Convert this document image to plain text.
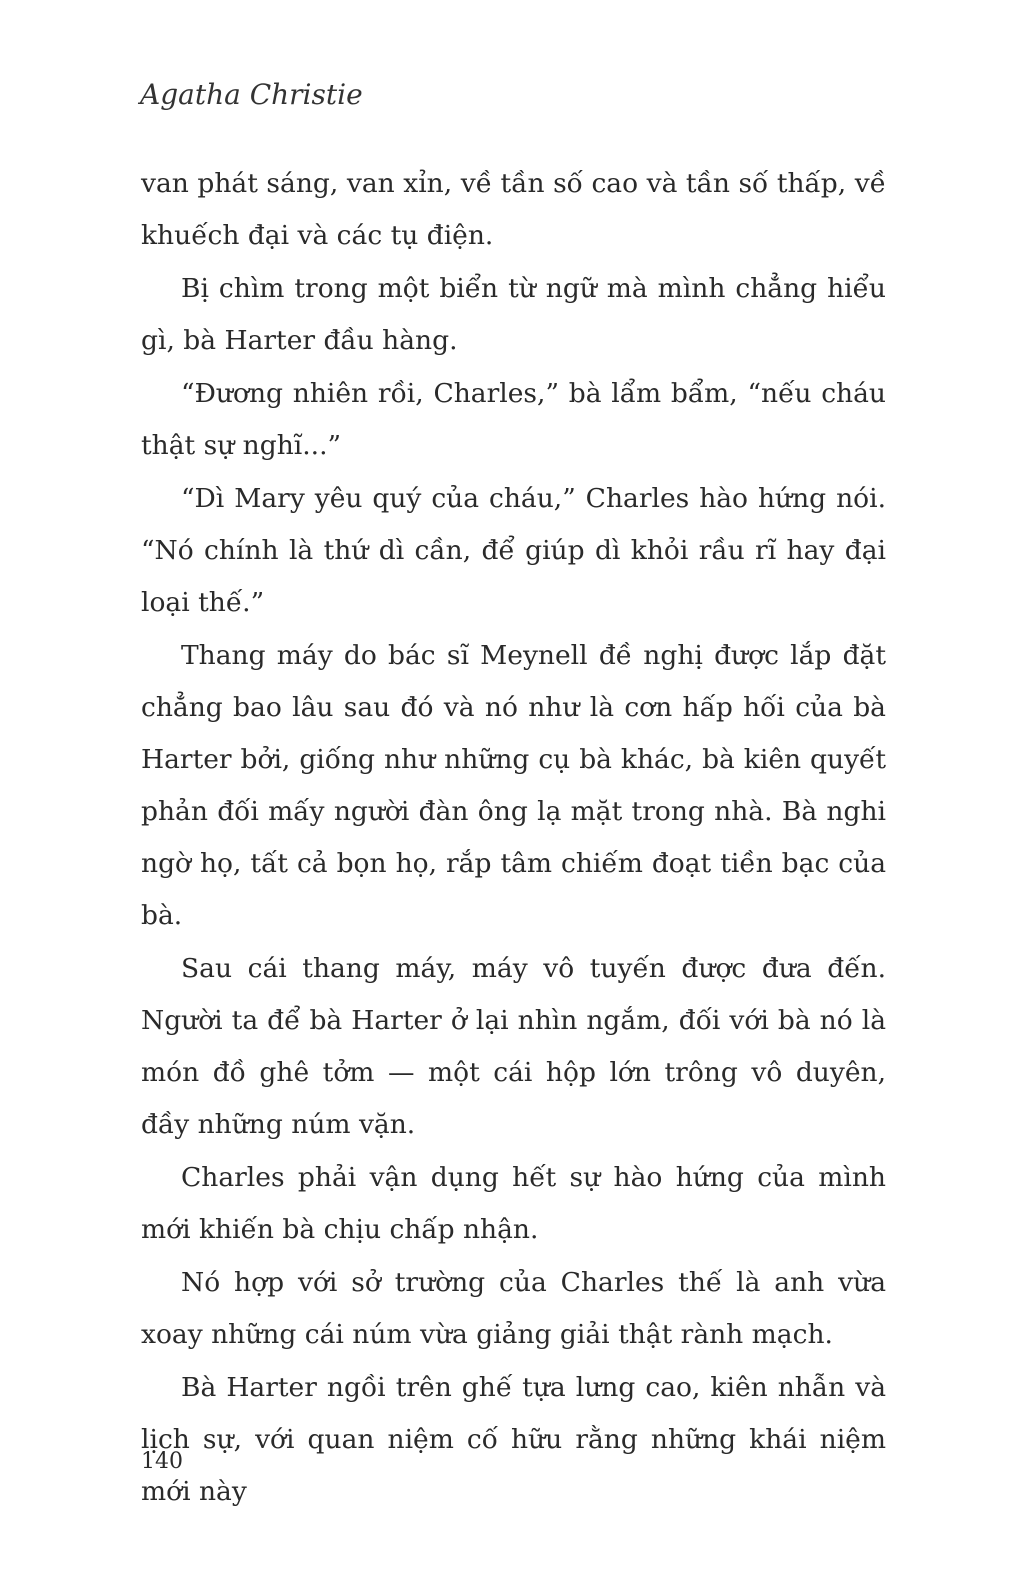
Agatha Christie

van phát sáng, van xỉn, về tần số cao và tần số thấp, về khuếch đại và các tụ điện.

Bị chìm trong một biển từ ngữ mà mình chẳng hiểu gì, bà Harter đầu hàng.

“Đương nhiên rồi, Charles,” bà lẩm bẩm, “nếu cháu thật sự nghĩ...”

“Dì Mary yêu quý của cháu,” Charles hào hứng nói. “Nó chính là thứ dì cần, để giúp dì khỏi rầu rĩ hay đại loại thế.”

Thang máy do bác sĩ Meynell đề nghị được lắp đặt chẳng bao lâu sau đó và nó như là cơn hấp hối của bà Harter bởi, giống như những cụ bà khác, bà kiên quyết phản đối mấy người đàn ông lạ mặt trong nhà. Bà nghi ngờ họ, tất cả bọn họ, rắp tâm chiếm đoạt tiền bạc của bà.

Sau cái thang máy, máy vô tuyến được đưa đến. Người ta để bà Harter ở lại nhìn ngắm, đối với bà nó là món đồ ghê tởm — một cái hộp lớn trông vô duyên, đầy những núm vặn.

Charles phải vận dụng hết sự hào hứng của mình mới khiến bà chịu chấp nhận.

Nó hợp với sở trường của Charles thế là anh vừa xoay những cái núm vừa giảng giải thật rành mạch.

Bà Harter ngồi trên ghế tựa lưng cao, kiên nhẫn và lịch sự, với quan niệm cố hữu rằng những khái niệm mới này

140
